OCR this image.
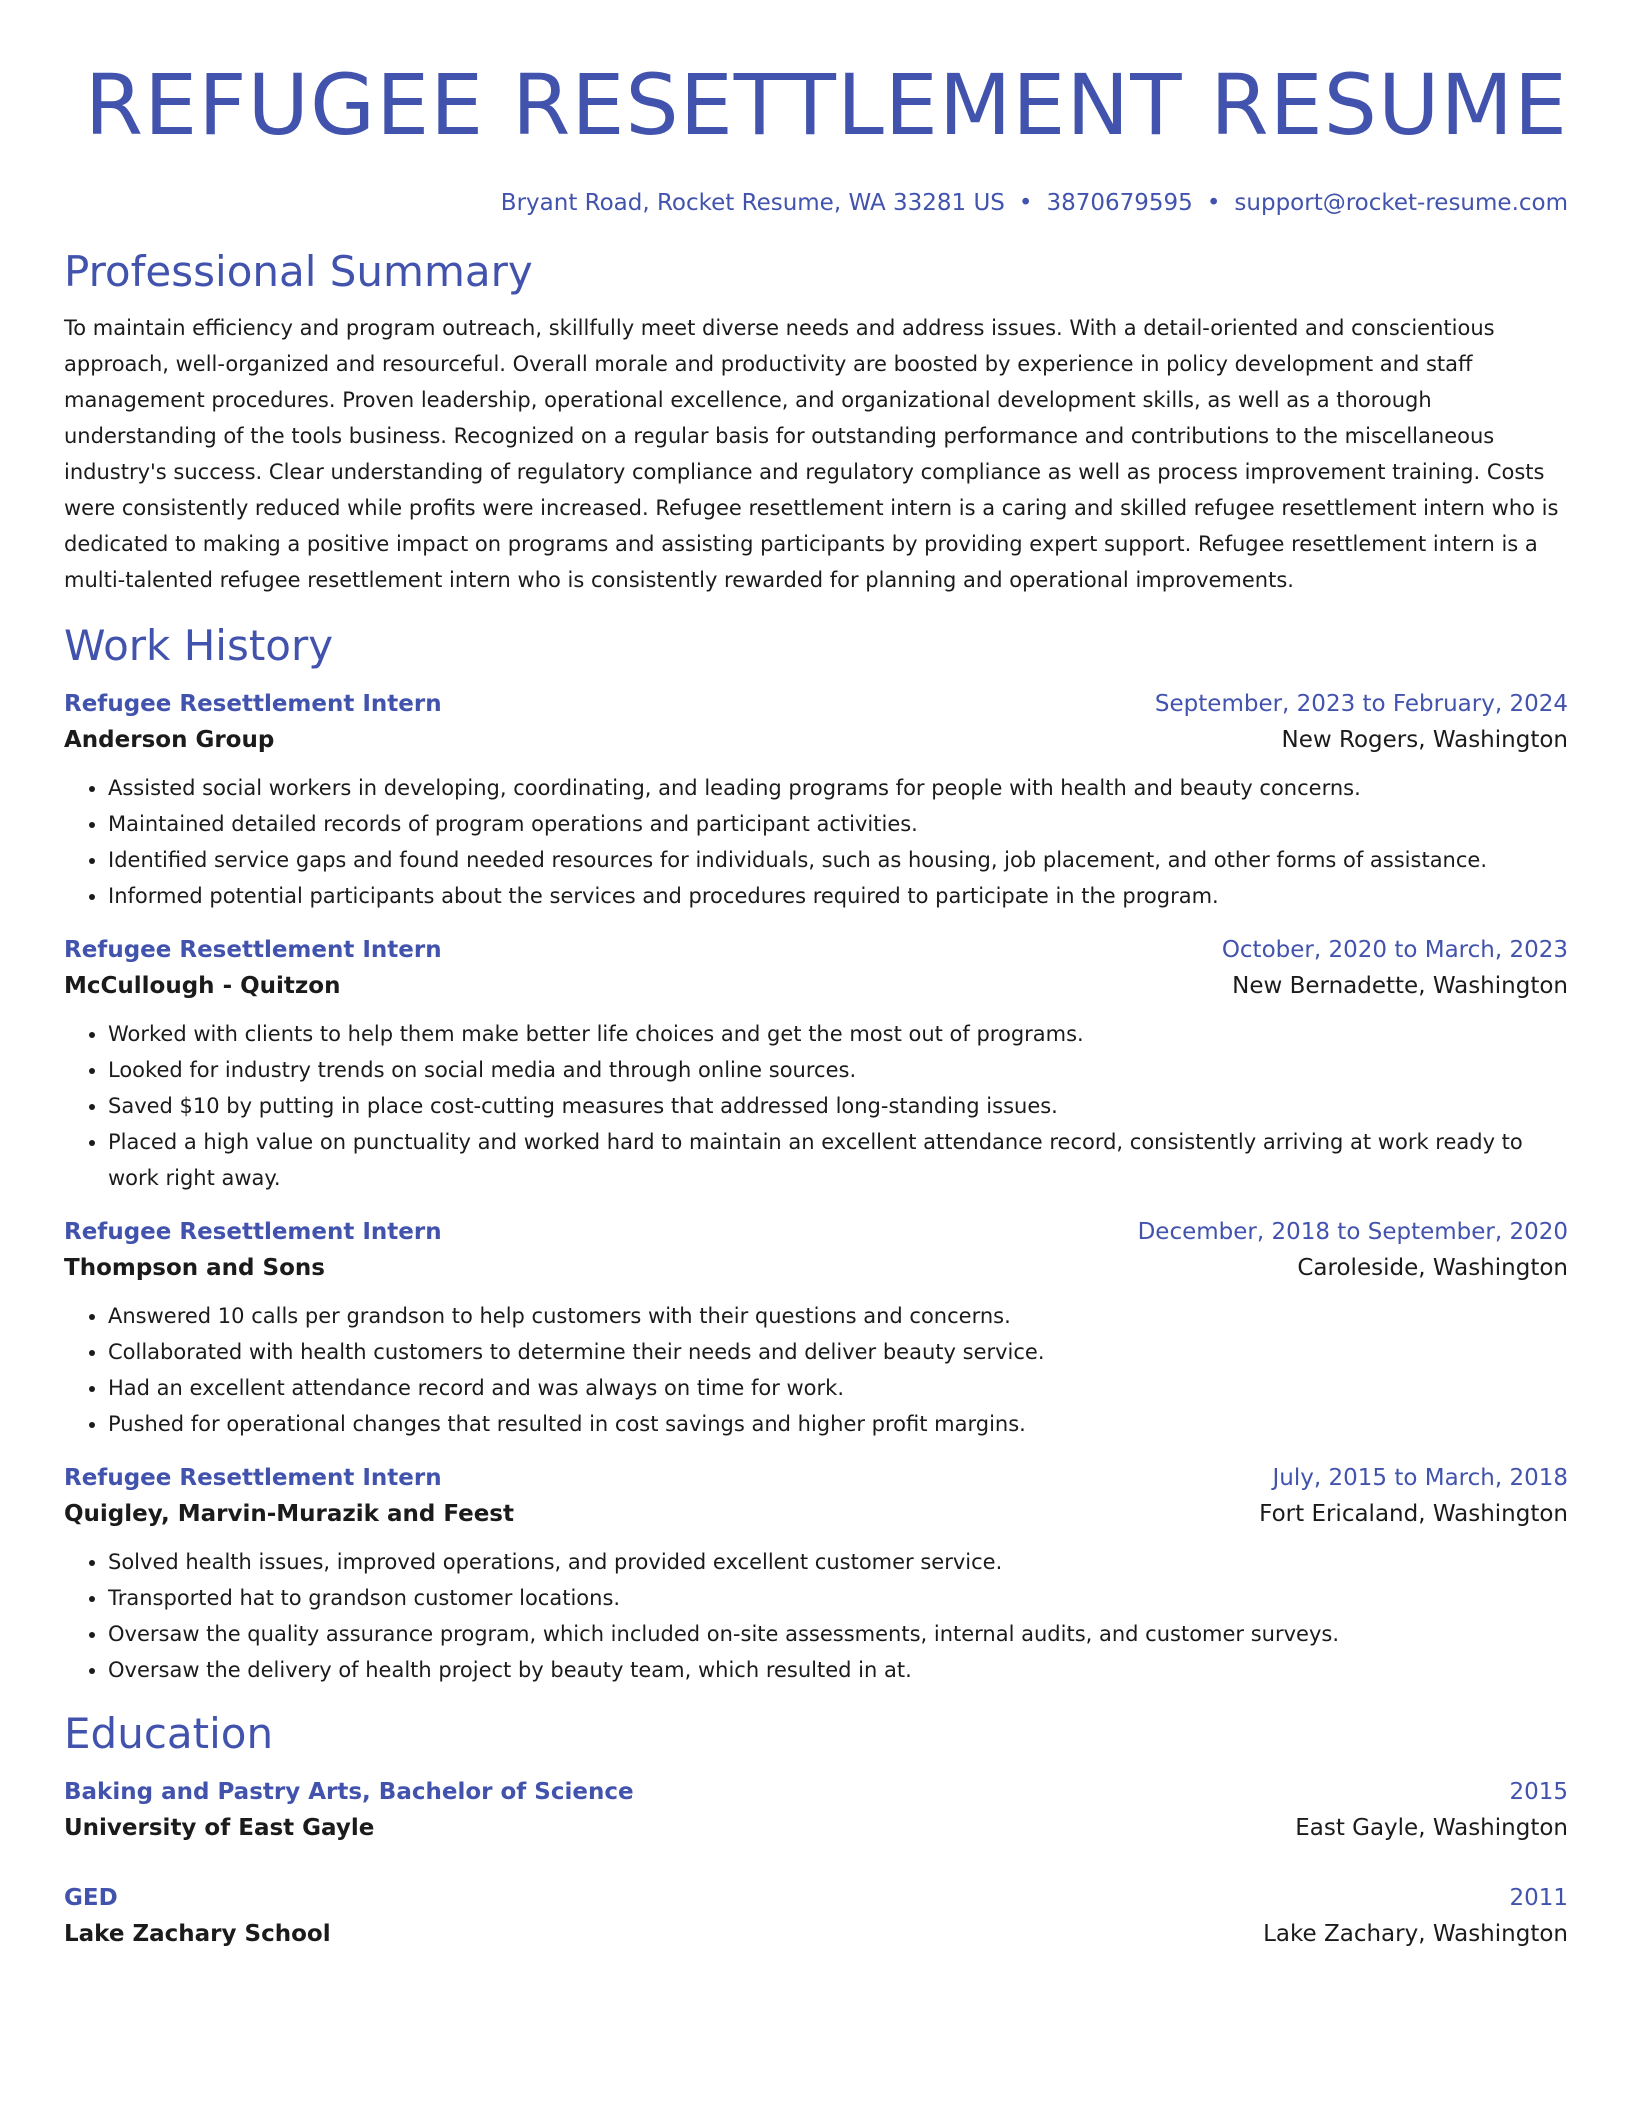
REFUGEE RESETTLEMENT RESUME
Bryant Road, Rocket Resume, WA 33281 US • 3870679595 • support@rocket-resume.com
Professional Summary
To maintain efficiency and program outreach, skillfully meet diverse needs and address issues. With a detail-oriented and conscientious approach, well-organized and resourceful. Overall morale and productivity are boosted by experience in policy development and staff management procedures. Proven leadership, operational excellence, and organizational development skills, as well as a thorough understanding of the tools business. Recognized on a regular basis for outstanding performance and contributions to the miscellaneous industry's success. Clear understanding of regulatory compliance and regulatory compliance as well as process improvement training. Costs were consistently reduced while profits were increased. Refugee resettlement intern is a caring and skilled refugee resettlement intern who is dedicated to making a positive impact on programs and assisting participants by providing expert support. Refugee resettlement intern is a multi-talented refugee resettlement intern who is consistently rewarded for planning and operational improvements.
Work History
Refugee Resettlement Intern	September, 2023 to February, 2024
Anderson Group	New Rogers, Washington
• Assisted social workers in developing, coordinating, and leading programs for people with health and beauty concerns.
• Maintained detailed records of program operations and participant activities.
• Identified service gaps and found needed resources for individuals, such as housing, job placement, and other forms of assistance.
• Informed potential participants about the services and procedures required to participate in the program.
Refugee Resettlement Intern	October, 2020 to March, 2023
McCullough - Quitzon	New Bernadette, Washington
• Worked with clients to help them make better life choices and get the most out of programs.
• Looked for industry trends on social media and through online sources.
• Saved $10 by putting in place cost-cutting measures that addressed long-standing issues.
• Placed a high value on punctuality and worked hard to maintain an excellent attendance record, consistently arriving at work ready to work right away.
Refugee Resettlement Intern	December, 2018 to September, 2020
Thompson and Sons	Caroleside, Washington
• Answered 10 calls per grandson to help customers with their questions and concerns.
• Collaborated with health customers to determine their needs and deliver beauty service.
• Had an excellent attendance record and was always on time for work.
• Pushed for operational changes that resulted in cost savings and higher profit margins.
Refugee Resettlement Intern	July, 2015 to March, 2018
Quigley, Marvin-Murazik and Feest	Fort Ericaland, Washington
• Solved health issues, improved operations, and provided excellent customer service.
• Transported hat to grandson customer locations.
• Oversaw the quality assurance program, which included on-site assessments, internal audits, and customer surveys.
• Oversaw the delivery of health project by beauty team, which resulted in at.
Education
Baking and Pastry Arts, Bachelor of Science	2015
University of East Gayle	East Gayle, Washington
GED	2011
Lake Zachary School	Lake Zachary, Washington
